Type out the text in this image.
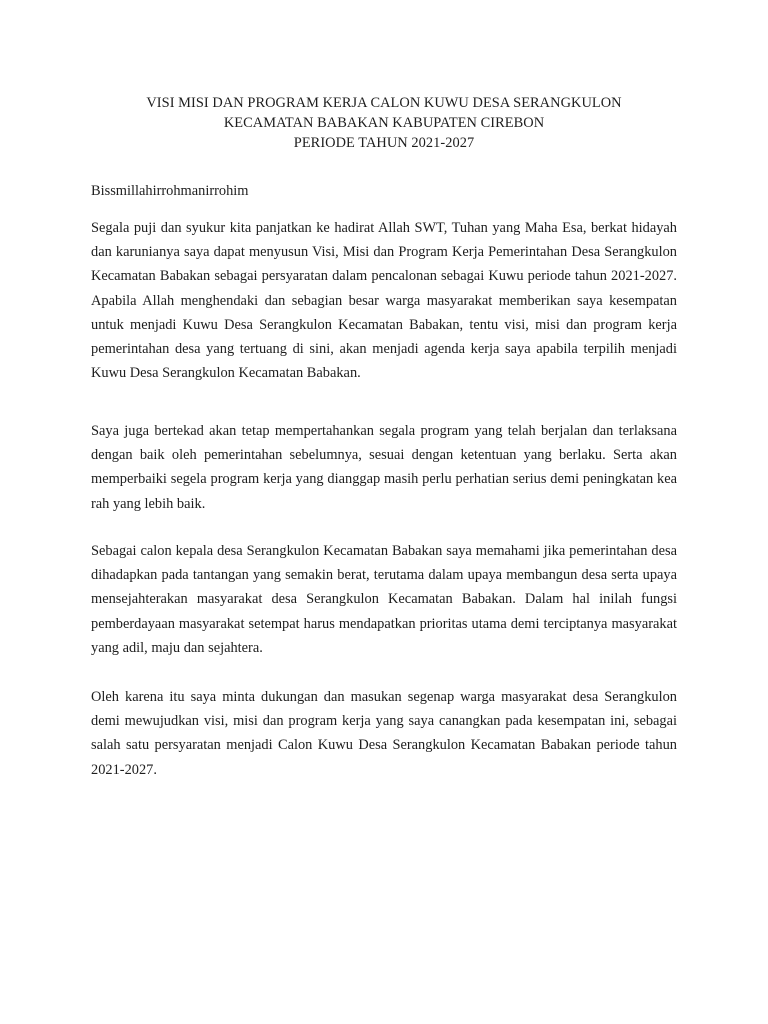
VISI MISI DAN PROGRAM KERJA CALON KUWU DESA SERANGKULON
KECAMATAN BABAKAN KABUPATEN CIREBON
PERIODE TAHUN 2021-2027

Bissmillahirrohmanirrohim

Segala puji dan syukur kita panjatkan ke hadirat Allah SWT, Tuhan yang Maha Esa, berkat hidayah dan karunianya saya dapat menyusun Visi, Misi dan Program Kerja Pemerintahan Desa Serangkulon Kecamatan Babakan sebagai persyaratan dalam pencalonan sebagai Kuwu periode tahun 2021-2027. Apabila Allah menghendaki dan sebagian besar warga masyarakat memberikan saya kesempatan untuk menjadi Kuwu Desa Serangkulon Kecamatan Babakan, tentu visi, misi dan program kerja pemerintahan desa yang tertuang di sini, akan menjadi agenda kerja saya apabila terpilih menjadi Kuwu Desa Serangkulon Kecamatan Babakan.

Saya juga bertekad akan tetap mempertahankan segala program yang telah berjalan dan terlaksana dengan baik oleh pemerintahan sebelumnya, sesuai dengan ketentuan yang berlaku. Serta akan memperbaiki segela program kerja yang dianggap masih perlu perhatian serius demi peningkatan kea rah yang lebih baik.

Sebagai calon kepala desa Serangkulon Kecamatan Babakan saya memahami jika pemerintahan desa dihadapkan pada tantangan yang semakin berat, terutama dalam upaya membangun desa serta upaya mensejahterakan masyarakat desa Serangkulon Kecamatan Babakan. Dalam hal inilah fungsi pemberdayaan masyarakat setempat harus mendapatkan prioritas utama demi terciptanya masyarakat yang adil, maju dan sejahtera.

Oleh karena itu saya minta dukungan dan masukan segenap warga masyarakat desa Serangkulon demi mewujudkan visi, misi dan program kerja yang saya canangkan pada kesempatan ini, sebagai salah satu persyaratan menjadi Calon Kuwu Desa Serangkulon Kecamatan Babakan periode tahun 2021-2027.
